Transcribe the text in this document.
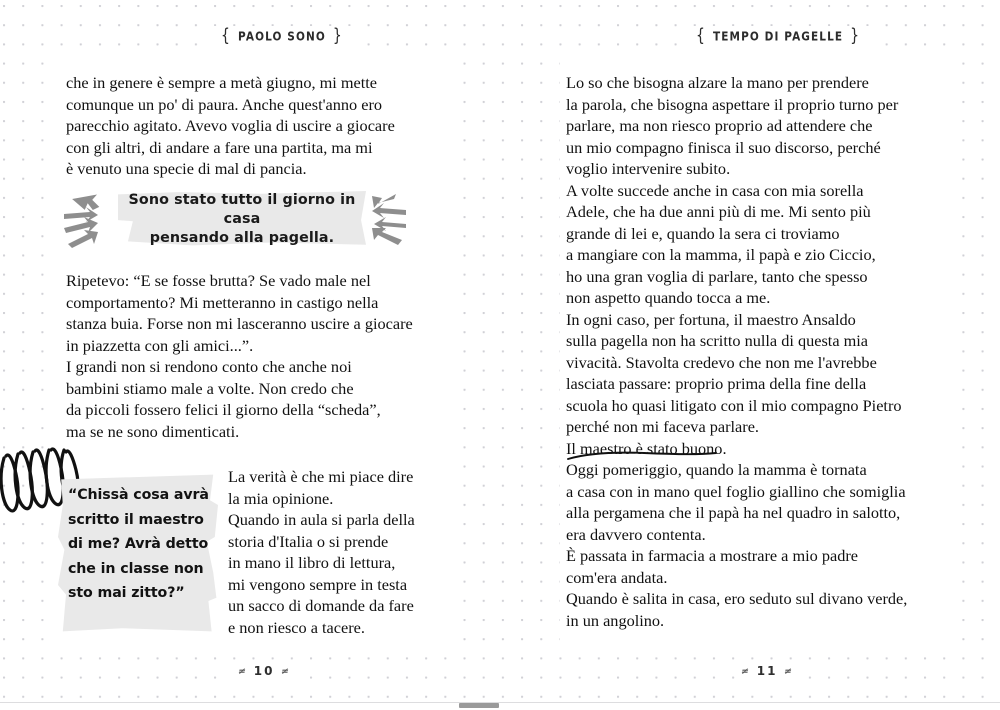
{ PAOLO SONO }	{ TEMPO DI PAGELLE }
che in genere è sempre a metà giugno, mi mette
comunque un po' di paura. Anche quest'anno ero
parecchio agitato. Avevo voglia di uscire a giocare
con gli altri, di andare a fare una partita, ma mi
è venuto una specie di mal di pancia.
Ripetevo: “E se fosse brutta? Se vado male nel
comportamento? Mi metteranno in castigo nella
stanza buia. Forse non mi lasceranno uscire a giocare
in piazzetta con gli amici...”.
I grandi non si rendono conto che anche noi
bambini stiamo male a volte. Non credo che
da piccoli fossero felici il giorno della “scheda”,
ma se ne sono dimenticati.
La verità è che mi piace dire
la mia opinione.
Quando in aula si parla della
storia d'Italia o si prende
in mano il libro di lettura,
mi vengono sempre in testa
un sacco di domande da fare
e non riesco a tacere.
Sono stato tutto il giorno in casa
pensando alla pagella.
“Chissà cosa avrà
scritto il maestro
di me? Avrà detto
che in classe non
sto mai zitto?”
Lo so che bisogna alzare la mano per prendere
la parola, che bisogna aspettare il proprio turno per
parlare, ma non riesco proprio ad attendere che
un mio compagno finisca il suo discorso, perché
voglio intervenire subito.
A volte succede anche in casa con mia sorella
Adele, che ha due anni più di me. Mi sento più
grande di lei e, quando la sera ci troviamo
a mangiare con la mamma, il papà e zio Ciccio,
ho una gran voglia di parlare, tanto che spesso
non aspetto quando tocca a me.
In ogni caso, per fortuna, il maestro Ansaldo
sulla pagella non ha scritto nulla di questa mia
vivacità. Stavolta credevo che non me l'avrebbe
lasciata passare: proprio prima della fine della
scuola ho quasi litigato con il mio compagno Pietro
perché non mi faceva parlare.
Il maestro è stato buono.
Oggi pomeriggio, quando la mamma è tornata
a casa con in mano quel foglio giallino che somiglia
alla pergamena che il papà ha nel quadro in salotto,
era davvero contenta.
È passata in farmacia a mostrare a mio padre
com'era andata.
Quando è salita in casa, ero seduto sul divano verde,
in un angolino.
≠ 10 ≠	≠ 11 ≠
